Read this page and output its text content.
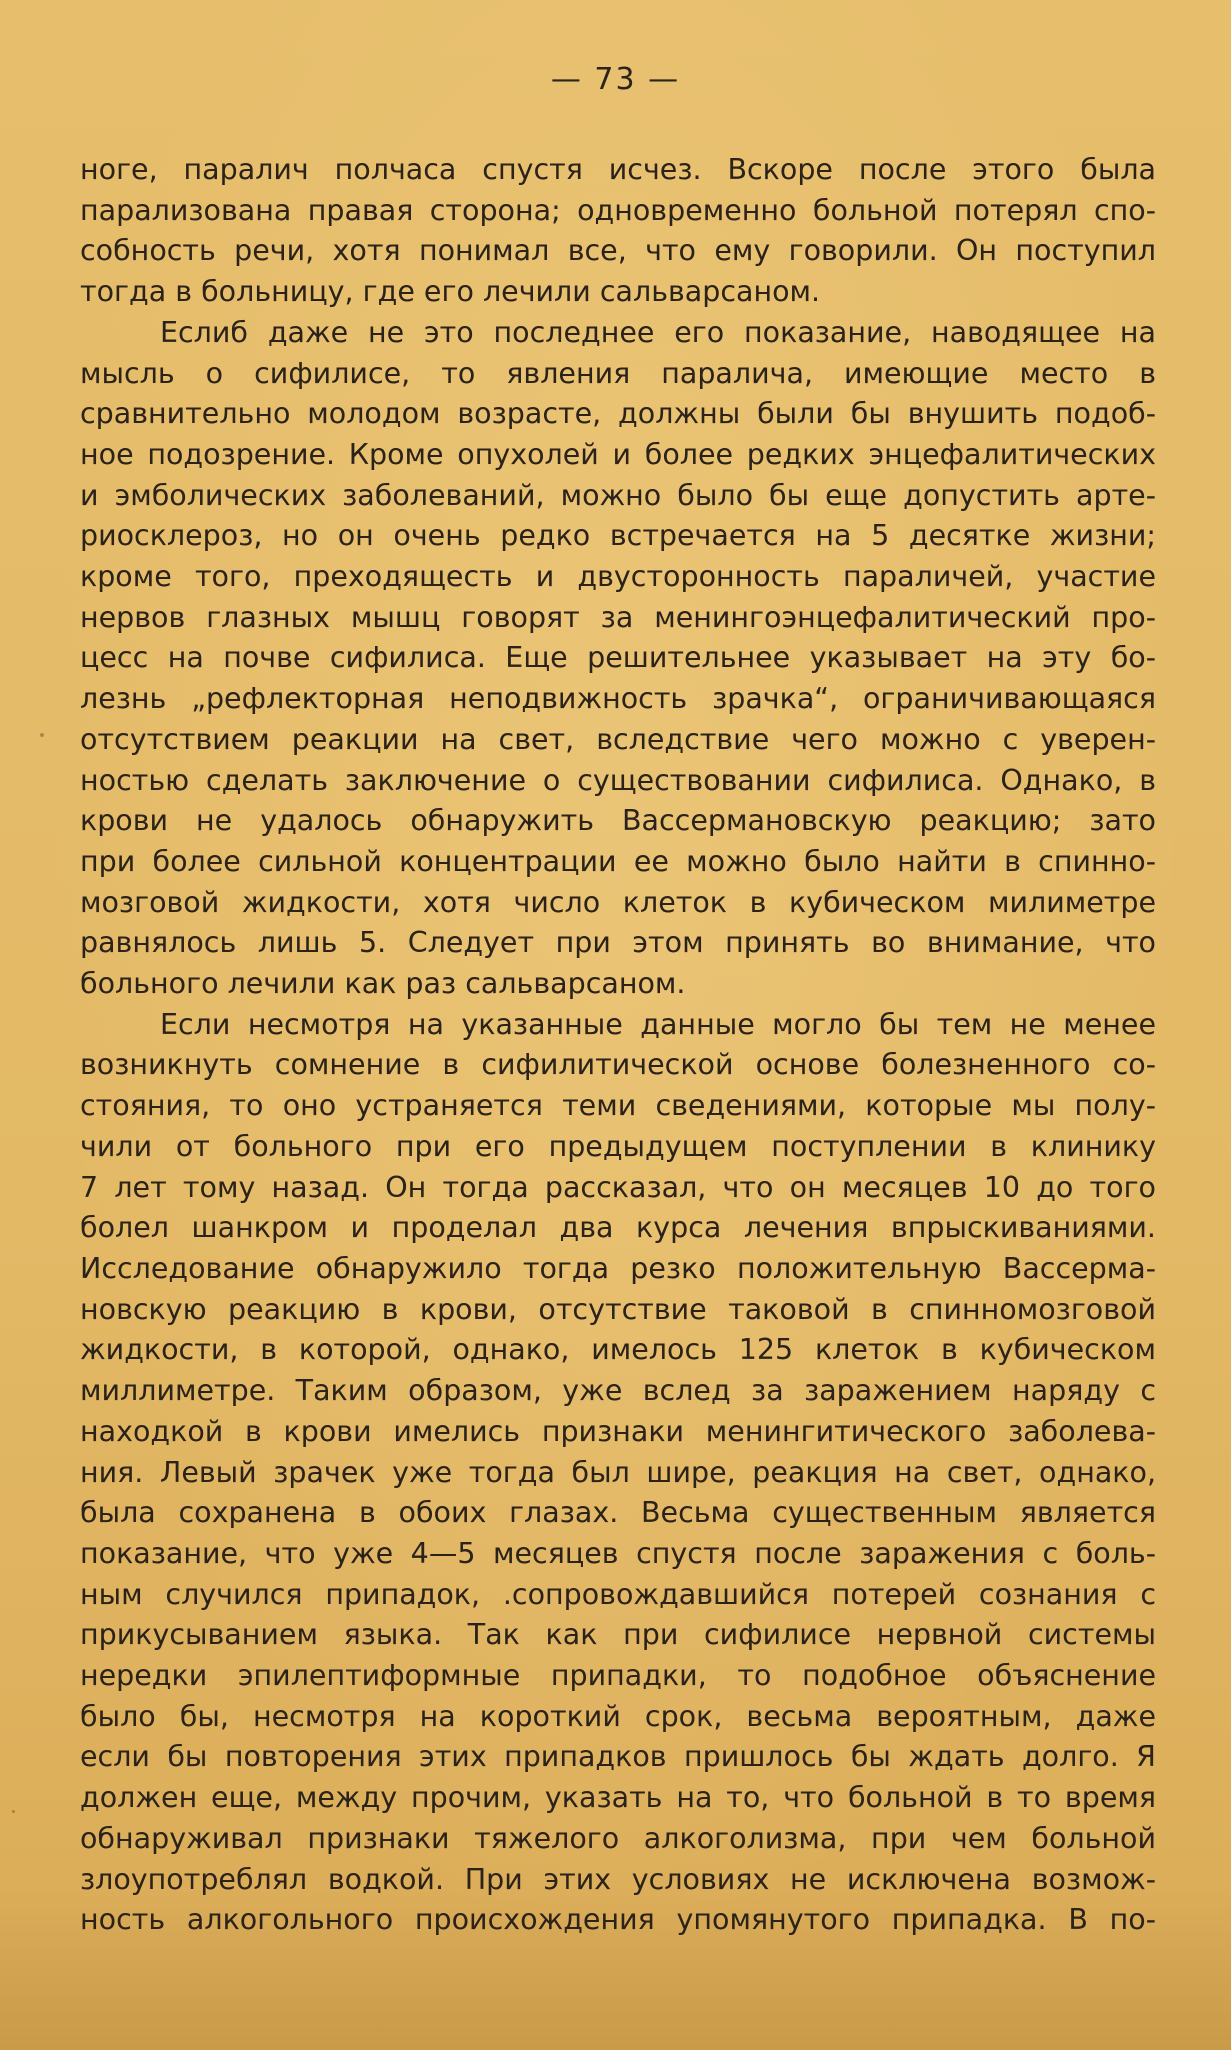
— 73 —
ноге, паралич полчаса спустя исчез. Вскоре после этого была
парализована правая сторона; одновременно больной потерял спо-
собность речи, хотя понимал все, что ему говорили. Он поступил
тогда в больницу, где его лечили сальварсаном.
Еслиб даже не это последнее его показание, наводящее на
мысль о сифилисе, то явления паралича, имеющие место в
сравнительно молодом возрасте, должны были бы внушить подоб-
ное подозрение. Кроме опухолей и более редких энцефалитических
и эмболических заболеваний, можно было бы еще допустить арте-
риосклероз, но он очень редко встречается на 5 десятке жизни;
кроме того, преходящесть и двусторонность параличей, участие
нервов глазных мышц говорят за менингоэнцефалитический про-
цесс на почве сифилиса. Еще решительнее указывает на эту бо-
лезнь „рефлекторная неподвижность зрачка“, ограничивающаяся
отсутствием реакции на свет, вследствие чего можно с уверен-
ностью сделать заключение о существовании сифилиса. Однако, в
крови не удалось обнаружить Вассермановскую реакцию; зато
при более сильной концентрации ее можно было найти в спинно-
мозговой жидкости, хотя число клеток в кубическом милиметре
равнялось лишь 5. Следует при этом принять во внимание, что
больного лечили как раз сальварсаном.
Если несмотря на указанные данные могло бы тем не менее
возникнуть сомнение в сифилитической основе болезненного со-
стояния, то оно устраняется теми сведениями, которые мы полу-
чили от больного при его предыдущем поступлении в клинику
7 лет тому назад. Он тогда рассказал, что он месяцев 10 до того
болел шанкром и проделал два курса лечения впрыскиваниями.
Исследование обнаружило тогда резко положительную Вассерма-
новскую реакцию в крови, отсутствие таковой в спинномозговой
жидкости, в которой, однако, имелось 125 клеток в кубическом
миллиметре. Таким образом, уже вслед за заражением наряду с
находкой в крови имелись признаки менингитического заболева-
ния. Левый зрачек уже тогда был шире, реакция на свет, однако,
была сохранена в обоих глазах. Весьма существенным является
показание, что уже 4—5 месяцев спустя после заражения с боль-
ным случился припадок, .сопровождавшийся потерей сознания с
прикусыванием языка. Так как при сифилисе нервной системы
нередки эпилептиформные припадки, то подобное объяснение
было бы, несмотря на короткий срок, весьма вероятным, даже
если бы повторения этих припадков пришлось бы ждать долго. Я
должен еще, между прочим, указать на то, что больной в то время
обнаруживал признаки тяжелого алкоголизма, при чем больной
злоупотреблял водкой. При этих условиях не исключена возмож-
ность алкогольного происхождения упомянутого припадка. В по-
